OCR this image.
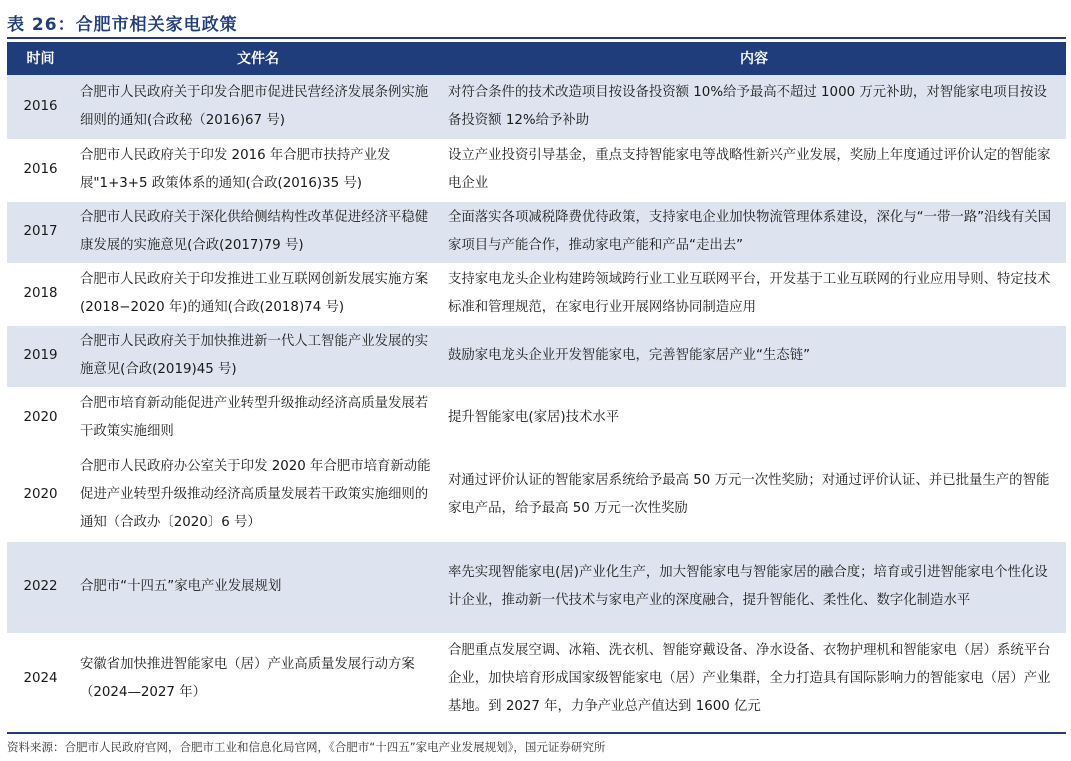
表 26：合肥市相关家电政策
时间	文件名	内容
2016	合肥市人民政府关于印发合肥市促进民营经济发展条例实施细则的通知(合政秘（2016)67 号)	对符合条件的技术改造项目按设备投资额 10%给予最高不超过 1000 万元补助，对智能家电项目按设备投资额 12%给予补助
2016	合肥市人民政府关于印发 2016 年合肥市扶持产业发展"1+3+5 政策体系的通知(合政(2016)35 号)	设立产业投资引导基金，重点支持智能家电等战略性新兴产业发展，奖励上年度通过评价认定的智能家电企业
2017	合肥市人民政府关于深化供给侧结构性改革促进经济平稳健康发展的实施意见(合政(2017)79 号)	全面落实各项减税降费优待政策，支持家电企业加快物流管理体系建设，深化与“一带一路”沿线有关国家项目与产能合作，推动家电产能和产品“走出去”
2018	合肥市人民政府关于印发推进工业互联网创新发展实施方案(2018−2020 年)的通知(合政(2018)74 号)	支持家电龙头企业构建跨领域跨行业工业互联网平台，开发基于工业互联网的行业应用导则、特定技术标准和管理规范，在家电行业开展网络协同制造应用
2019	合肥市人民政府关于加快推进新一代人工智能产业发展的实施意见(合政(2019)45 号)	鼓励家电龙头企业开发智能家电，完善智能家居产业“生态链”
2020	合肥市培育新动能促进产业转型升级推动经济高质量发展若干政策实施细则	提升智能家电(家居)技术水平
2020	合肥市人民政府办公室关于印发 2020 年合肥市培育新动能促进产业转型升级推动经济高质量发展若干政策实施细则的通知（合政办〔2020〕6 号）	对通过评价认证的智能家居系统给予最高 50 万元一次性奖励；对通过评价认证、并已批量生产的智能家电产品，给予最高 50 万元一次性奖励
2022	合肥市“十四五”家电产业发展规划	率先实现智能家电(居)产业化生产，加大智能家电与智能家居的融合度；培育或引进智能家电个性化设计企业，推动新一代技术与家电产业的深度融合，提升智能化、柔性化、数字化制造水平
2024	安徽省加快推进智能家电（居）产业高质量发展行动方案（2024—2027 年）	合肥重点发展空调、冰箱、洗衣机、智能穿戴设备、净水设备、衣物护理机和智能家电（居）系统平台企业，加快培育形成国家级智能家电（居）产业集群，全力打造具有国际影响力的智能家电（居）产业基地。到 2027 年，力争产业总产值达到 1600 亿元
资料来源：合肥市人民政府官网，合肥市工业和信息化局官网，《合肥市“十四五”家电产业发展规划》，国元证券研究所
